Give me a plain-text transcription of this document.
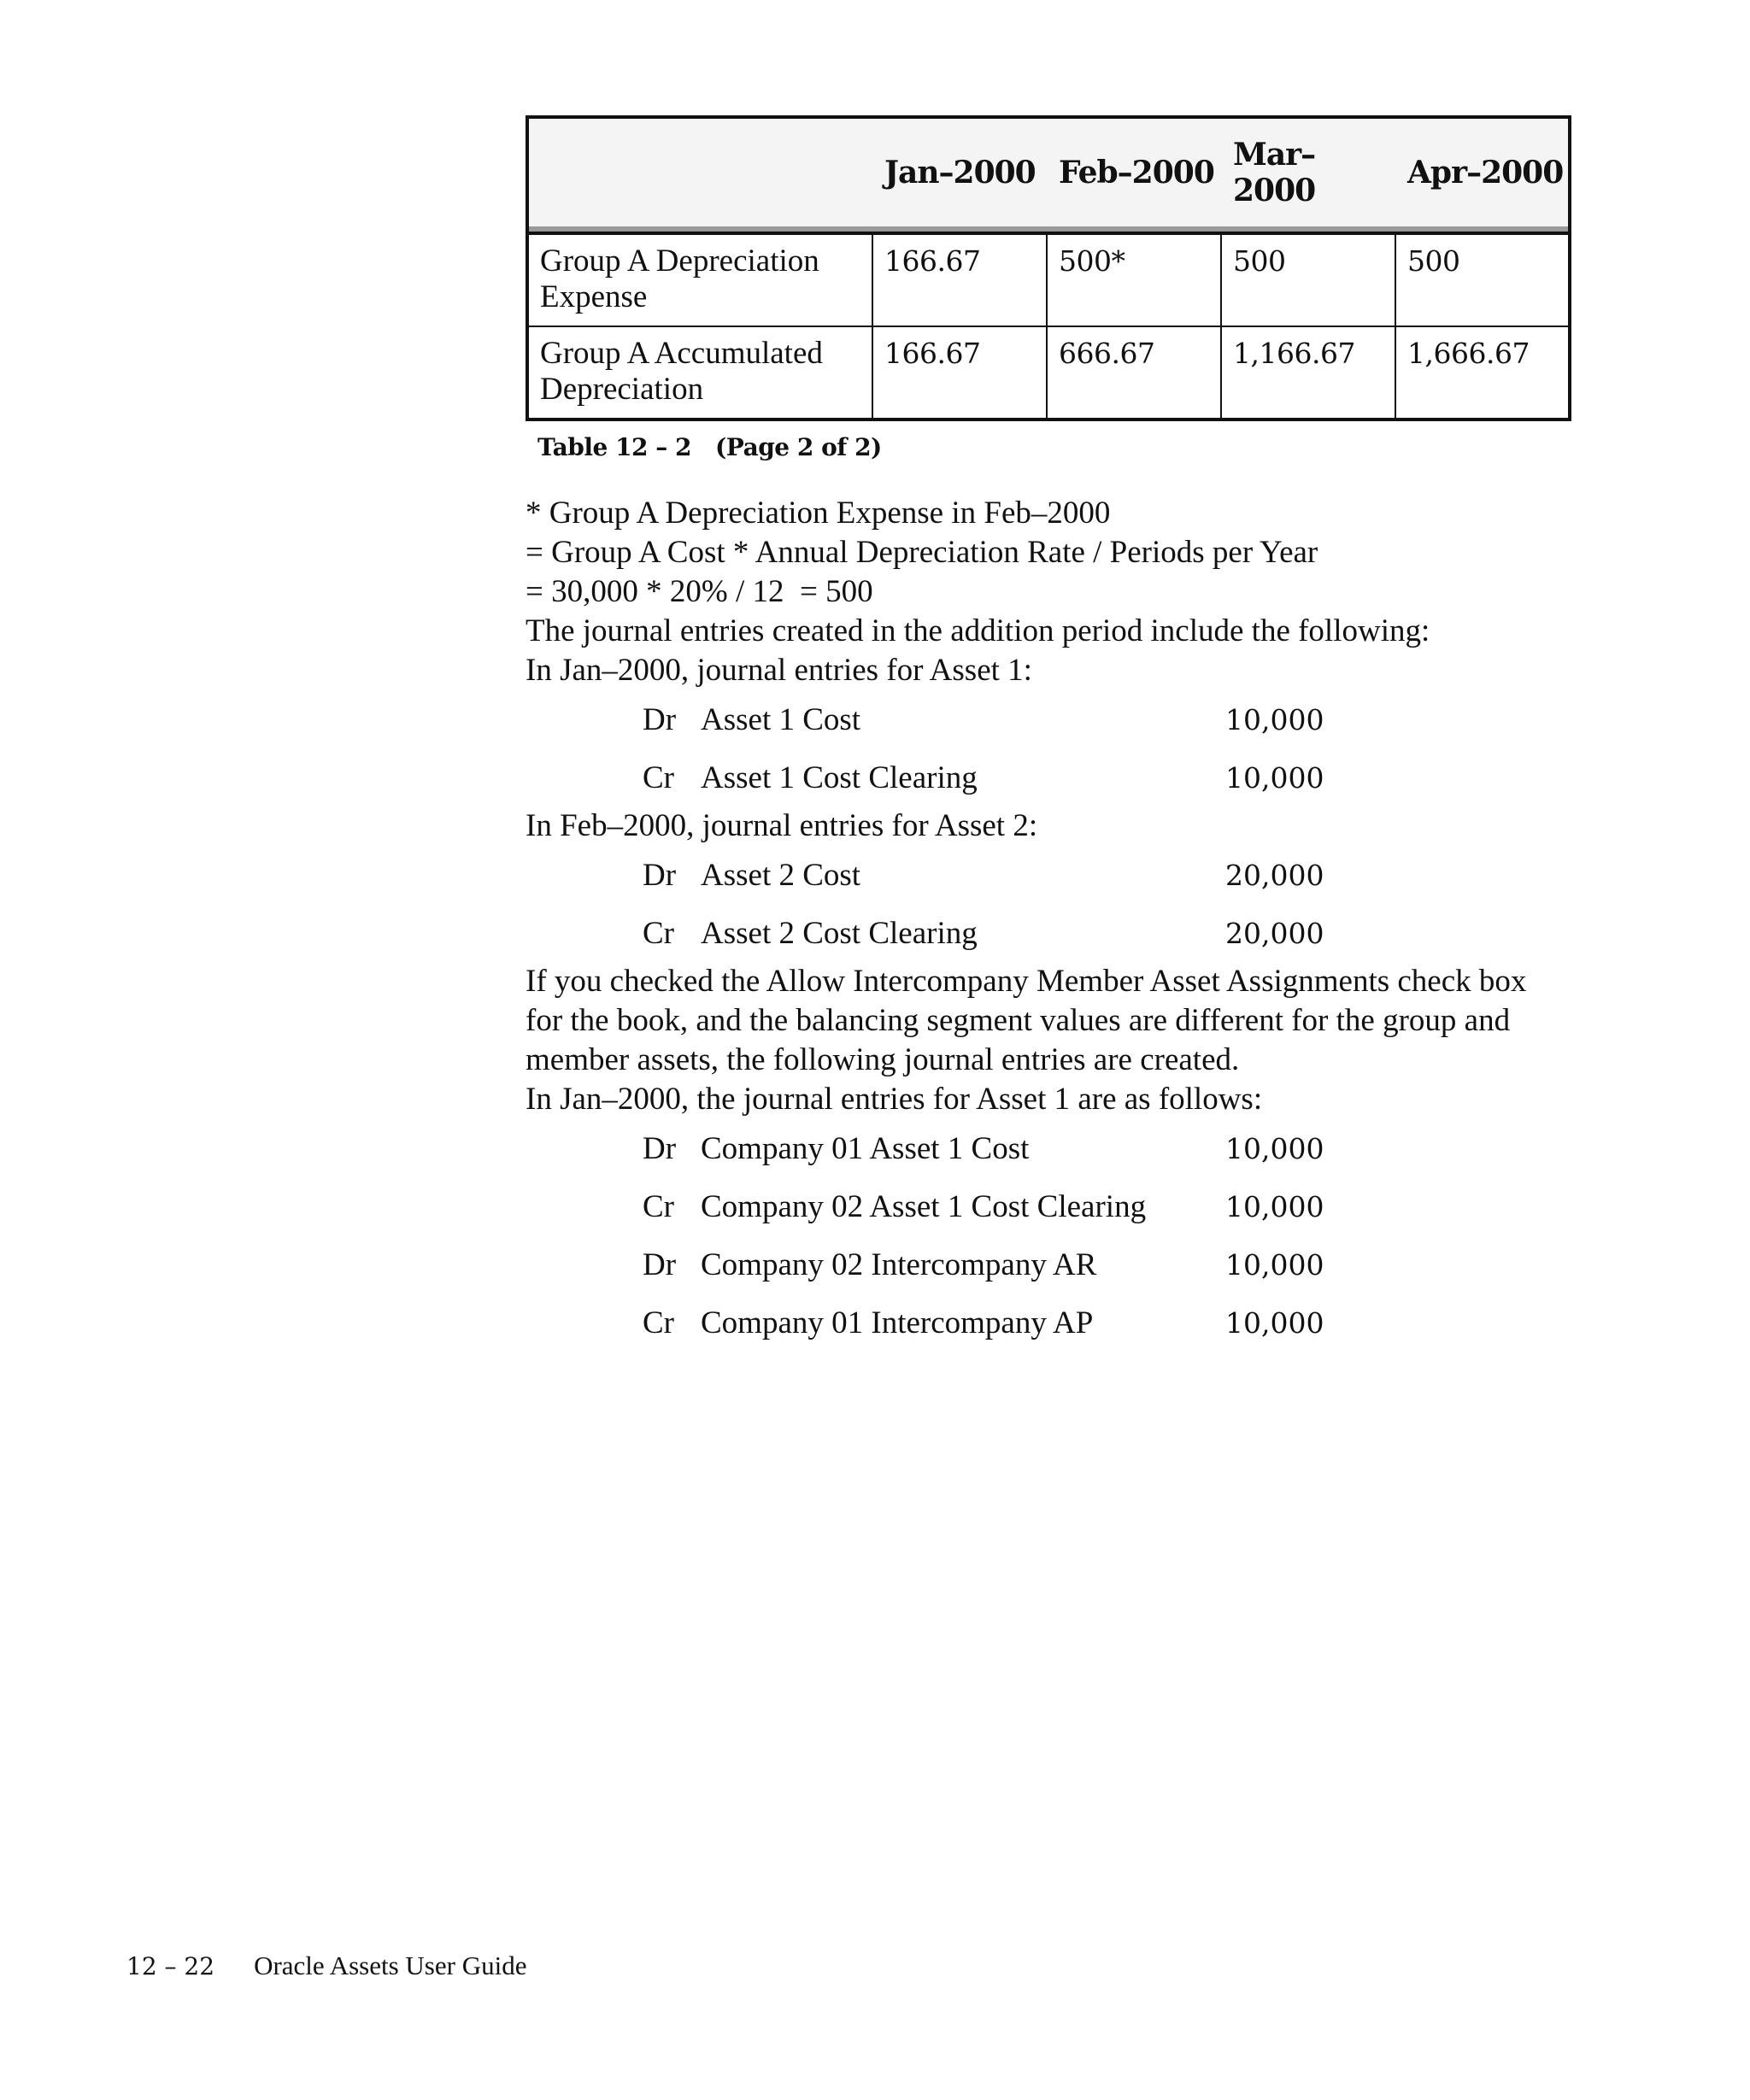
	Jan–2000	Feb–2000	Mar–2000	Apr–2000

Group A Depreciation Expense	166.67	500*	500	500
Group A Accumulated Depreciation	166.67	666.67	1,166.67	1,666.67
Table 12 – 2 (Page 2 of 2)
* Group A Depreciation Expense in Feb–2000
= Group A Cost * Annual Depreciation Rate / Periods per Year
= 30,000 * 20% / 12  = 500

The journal entries created in the addition period include the following:

In Jan–2000, journal entries for Asset 1:

Dr Asset 1 Cost	10,000
Cr Asset 1 Cost Clearing	10,000

In Feb–2000, journal entries for Asset 2:

Dr Asset 2 Cost	20,000
Cr Asset 2 Cost Clearing	20,000

If you checked the Allow Intercompany Member Asset Assignments check box for the book, and the balancing segment values are different for the group and member assets, the following journal entries are created.

In Jan–2000, the journal entries for Asset 1 are as follows:

Dr Company 01 Asset 1 Cost	10,000
Cr Company 02 Asset 1 Cost Clearing	10,000
Dr Company 02 Intercompany AR	10,000
Cr Company 01 Intercompany AP	10,000
12 – 22 Oracle Assets User Guide
